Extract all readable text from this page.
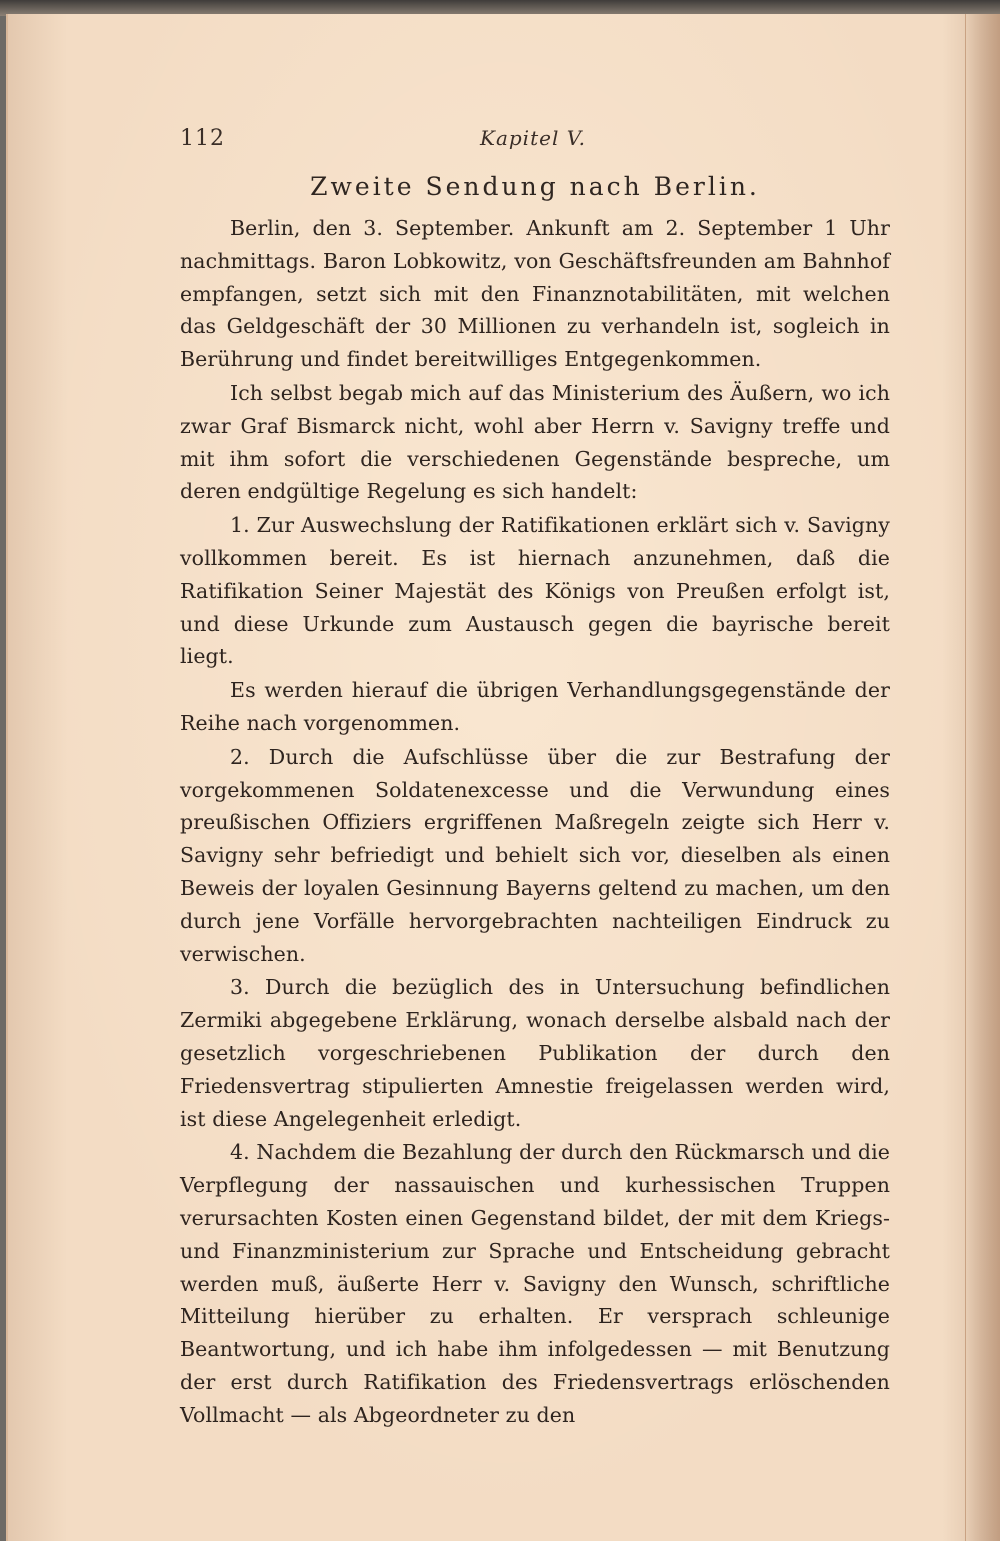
112	Kapitel V.
Zweite Sendung nach Berlin.

Berlin, den 3. September. Ankunft am 2. September 1 Uhr nachmittags. Baron Lobkowitz, von Geschäftsfreunden am Bahnhof empfangen, setzt sich mit den Finanznotabilitäten, mit welchen das Geldgeschäft der 30 Millionen zu verhandeln ist, sogleich in Berührung und findet bereitwilliges Entgegenkommen.

Ich selbst begab mich auf das Ministerium des Äußern, wo ich zwar Graf Bismarck nicht, wohl aber Herrn v. Savigny treffe und mit ihm sofort die verschiedenen Gegenstände bespreche, um deren endgültige Regelung es sich handelt:

1. Zur Auswechslung der Ratifikationen erklärt sich v. Savigny vollkommen bereit. Es ist hiernach anzunehmen, daß die Ratifikation Seiner Majestät des Königs von Preußen erfolgt ist, und diese Urkunde zum Austausch gegen die bayrische bereit liegt.

Es werden hierauf die übrigen Verhandlungsgegenstände der Reihe nach vorgenommen.

2. Durch die Aufschlüsse über die zur Bestrafung der vorgekommenen Soldatenexcesse und die Verwundung eines preußischen Offiziers ergriffenen Maßregeln zeigte sich Herr v. Savigny sehr befriedigt und behielt sich vor, dieselben als einen Beweis der loyalen Gesinnung Bayerns geltend zu machen, um den durch jene Vorfälle hervorgebrachten nachteiligen Eindruck zu verwischen.

3. Durch die bezüglich des in Untersuchung befindlichen Zermiki abgegebene Erklärung, wonach derselbe alsbald nach der gesetzlich vorgeschriebenen Publikation der durch den Friedensvertrag stipulierten Amnestie freigelassen werden wird, ist diese Angelegenheit erledigt.

4. Nachdem die Bezahlung der durch den Rückmarsch und die Verpflegung der nassauischen und kurhessischen Truppen verursachten Kosten einen Gegenstand bildet, der mit dem Kriegs- und Finanzministerium zur Sprache und Entscheidung gebracht werden muß, äußerte Herr v. Savigny den Wunsch, schriftliche Mitteilung hierüber zu erhalten. Er versprach schleunige Beantwortung, und ich habe ihm infolgedessen — mit Benutzung der erst durch Ratifikation des Friedensvertrags erlöschenden Vollmacht — als Abgeordneter zu den
